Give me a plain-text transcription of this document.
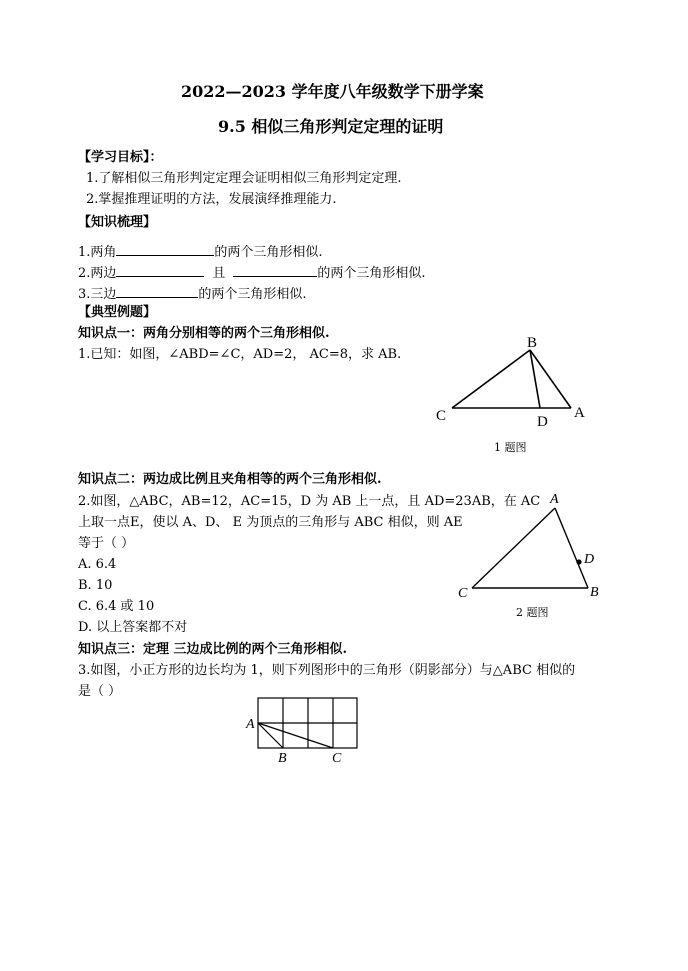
2022—2023 学年度八年级数学下册学案
9.5 相似三角形判定定理的证明
【学习目标】：
1.了解相似三角形判定定理会证明相似三角形判定定理.
2.掌握推理证明的方法，发展演绎推理能力.
【知识梳理】
1.两角	的两个三角形相似.
2.两边	且	的两个三角形相似.
3.三边	的两个三角形相似.
【典型例题】
知识点一：两角分别相等的两个三角形相似.
1.已知：如图，∠ABD=∠C，AD=2， AC=8，求 AB.
B
C	D
A
1 题图
知识点二：两边成比例且夹角相等的两个三角形相似.
2.如图，△ABC，AB=12，AC=15，D 为 AB 上一点，且 AD=23AB，在 AC
上取一点E，使以 A、D、 E 为顶点的三角形与 ABC 相似，则 AE
等于（ ）
A. 6.4
B. 10
C. 6.4 或 10
D. 以上答案都不对
A
D
C	B
2 题图
知识点三：定理 三边成比例的两个三角形相似.
3.如图，小正方形的边长均为 1，则下列图形中的三角形（阴影部分）与△ABC 相似的
是（ ）
A
B	C
